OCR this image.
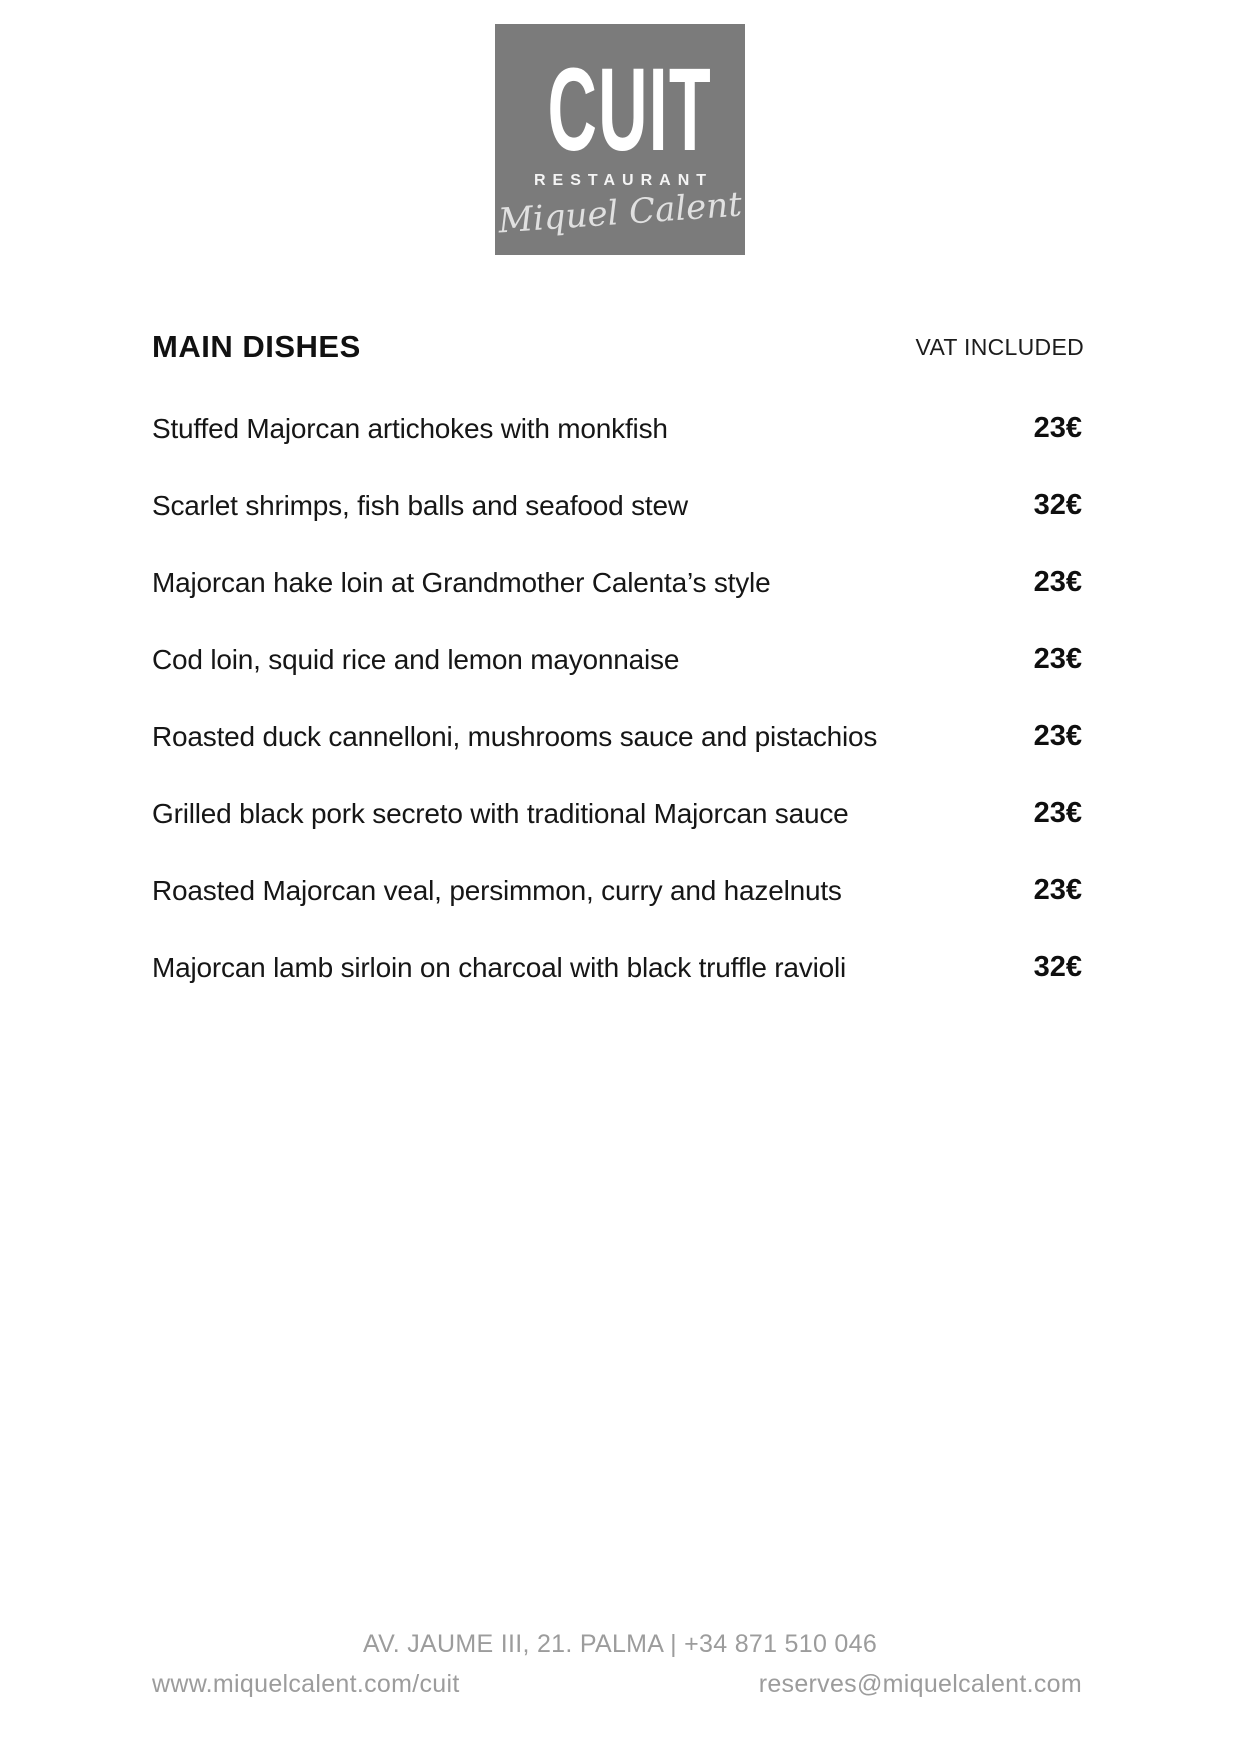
CUIT
RESTAURANT
Miquel Calent
MAIN DISHES	VAT INCLUDED
Stuffed Majorcan artichokes with monkfish	23€
Scarlet shrimps, fish balls and seafood stew	32€
Majorcan hake loin at Grandmother Calenta’s style	23€
Cod loin, squid rice and lemon mayonnaise	23€
Roasted duck cannelloni, mushrooms sauce and pistachios	23€
Grilled black pork secreto with traditional Majorcan sauce	23€
Roasted Majorcan veal, persimmon, curry and hazelnuts	23€
Majorcan lamb sirloin on charcoal with black truffle ravioli	32€
AV. JAUME III, 21. PALMA | +34 871 510 046
www.miquelcalent.com/cuit	reserves@miquelcalent.com
